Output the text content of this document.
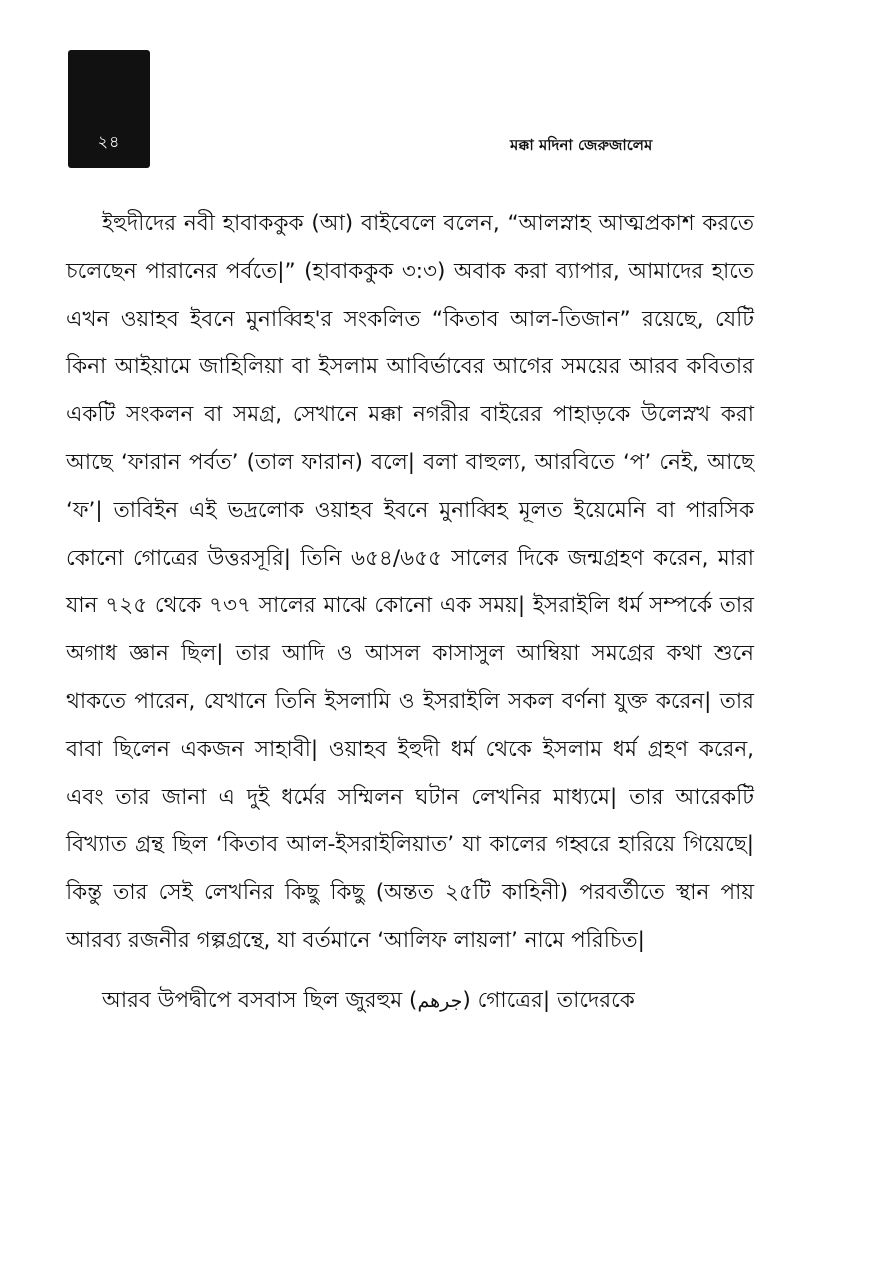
২৪	মক্কা মদিনা জেরুজালেম

ইহুদীদের নবী হাবাককুক (আ) বাইবেলে বলেন, “আলস্নাহ আত্মপ্রকাশ করতে চলেছেন পারানের পর্বতে|” (হাবাককুক ৩:৩) অবাক করা ব্যাপার, আমাদের হাতে এখন ওয়াহব ইবনে মুনাব্বিহ'র সংকলিত “কিতাব আল-তিজান” রয়েছে, যেটি কিনা আইয়ামে জাহিলিয়া বা ইসলাম আবির্ভাবের আগের সময়ের আরব কবিতার একটি সংকলন বা সমগ্র, সেখানে মক্কা নগরীর বাইরের পাহাড়কে উলেস্নখ করা আছে ‘ফারান পর্বত’ (তাল ফারান) বলে| বলা বাহুল্য, আরবিতে ‘প’ নেই, আছে ‘ফ’| তাবিইন এই ভদ্রলোক ওয়াহব ইবনে মুনাব্বিহ মূলত ইয়েমেনি বা পারসিক কোনো গোত্রের উত্তরসূরি| তিনি ৬৫৪/৬৫৫ সালের দিকে জন্মগ্রহণ করেন, মারা যান ৭২৫ থেকে ৭৩৭ সালের মাঝে কোনো এক সময়| ইসরাইলি ধর্ম সম্পর্কে তার অগাধ জ্ঞান ছিল| তার আদি ও আসল কাসাসুল আম্বিয়া সমগ্রের কথা শুনে থাকতে পারেন, যেখানে তিনি ইসলামি ও ইসরাইলি সকল বর্ণনা যুক্ত করেন| তার বাবা ছিলেন একজন সাহাবী| ওয়াহব ইহুদী ধর্ম থেকে ইসলাম ধর্ম গ্রহণ করেন, এবং তার জানা এ দুই ধর্মের সম্মিলন ঘটান লেখনির মাধ্যমে| তার আরেকটি বিখ্যাত গ্রন্থ ছিল ‘কিতাব আল-ইসরাইলিয়াত’ যা কালের গহ্বরে হারিয়ে গিয়েছে| কিন্তু তার সেই লেখনির কিছু কিছু (অন্তত ২৫টি কাহিনী) পরবর্তীতে স্থান পায় আরব্য রজনীর গল্পগ্রন্থে, যা বর্তমানে ‘আলিফ লায়লা’ নামে পরিচিত|

আরব উপদ্বীপে বসবাস ছিল জুরহুম (جرهم) গোত্রের| তাদেরকে
